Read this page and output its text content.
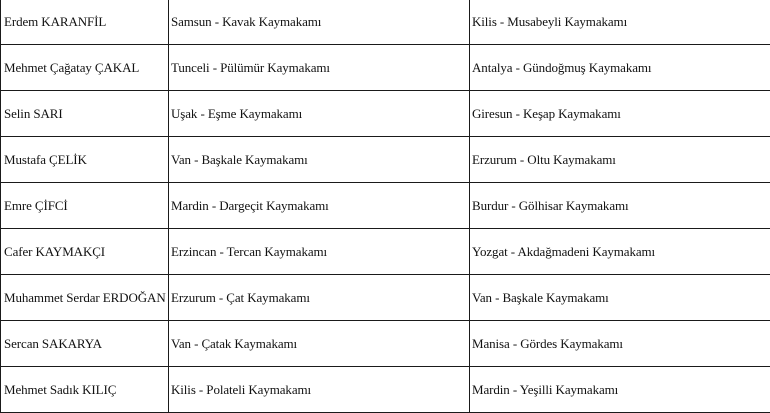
Erdem KARANFİL	Samsun - Kavak Kaymakamı	Kilis - Musabeyli Kaymakamı
Mehmet Çağatay ÇAKAL	Tunceli - Pülümür Kaymakamı	Antalya - Gündoğmuş Kaymakamı
Selin SARI	Uşak - Eşme Kaymakamı	Giresun - Keşap Kaymakamı
Mustafa ÇELİK	Van - Başkale Kaymakamı	Erzurum - Oltu Kaymakamı
Emre ÇİFCİ	Mardin - Dargeçit Kaymakamı	Burdur - Gölhisar Kaymakamı
Cafer KAYMAKÇI	Erzincan - Tercan Kaymakamı	Yozgat - Akdağmadeni Kaymakamı
Muhammet Serdar ERDOĞAN	Erzurum - Çat Kaymakamı	Van - Başkale Kaymakamı
Sercan SAKARYA	Van - Çatak Kaymakamı	Manisa - Gördes Kaymakamı
Mehmet Sadık KILIÇ	Kilis - Polateli Kaymakamı	Mardin - Yeşilli Kaymakamı
